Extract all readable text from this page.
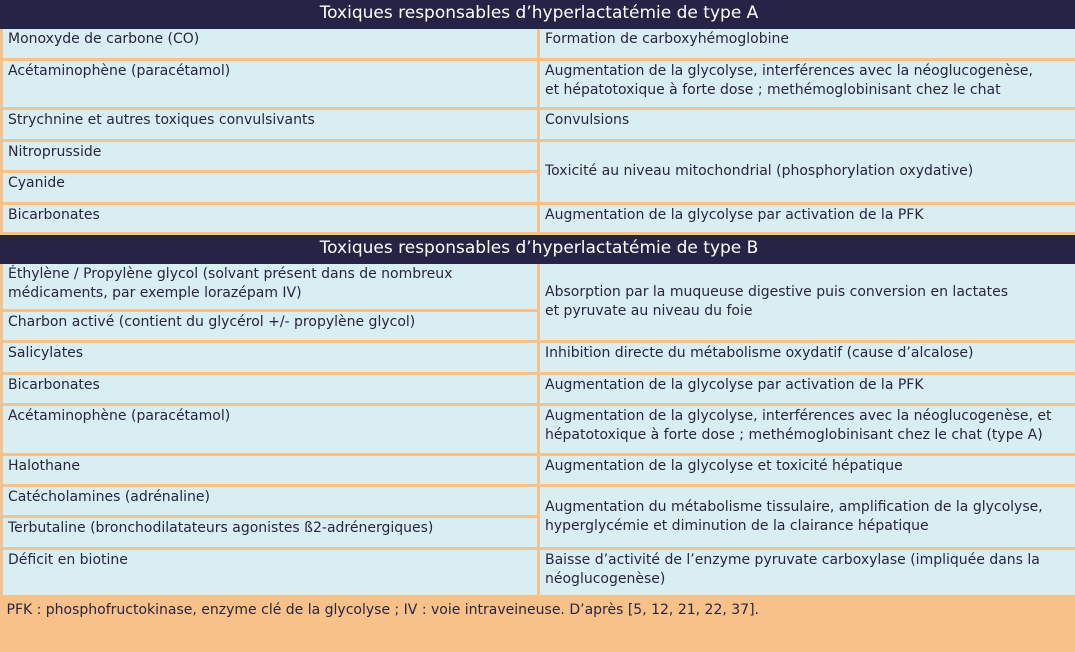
Toxiques responsables d’hyperlactatémie de type A	
Monoxyde de carbone (CO)	Formation de carboxyhémoglobine
Acétaminophène (paracétamol)	Augmentation de la glycolyse, interférences avec la néoglucogenèse,
et hépatotoxique à forte dose ; methémoglobinisant chez le chat
Strychnine et autres toxiques convulsivants	Convulsions
Nitroprusside	Toxicité au niveau mitochondrial (phosphorylation oxydative)
Cyanide	
Bicarbonates	Augmentation de la glycolyse par activation de la PFK
Toxiques responsables d’hyperlactatémie de type B	
Éthylène / Propylène glycol (solvant présent dans de nombreux médicaments, par exemple lorazépam IV)	Absorption par la muqueuse digestive puis conversion en lactates
et pyruvate au niveau du foie
Charbon activé (contient du glycérol +/- propylène glycol)	
Salicylates	Inhibition directe du métabolisme oxydatif (cause d’alcalose)
Bicarbonates	Augmentation de la glycolyse par activation de la PFK
Acétaminophène (paracétamol)	Augmentation de la glycolyse, interférences avec la néoglucogenèse, et hépatotoxique à forte dose ; methémoglobinisant chez le chat (type A)
Halothane	Augmentation de la glycolyse et toxicité hépatique
Catécholamines (adrénaline)	Augmentation du métabolisme tissulaire, amplification de la glycolyse,
hyperglycémie et diminution de la clairance hépatique
Terbutaline (bronchodilatateurs agonistes ß2-adrénergiques)	
Déficit en biotine	Baisse d’activité de l’enzyme pyruvate carboxylase (impliquée dans la néoglucogenèse)
PFK : phosphofructokinase, enzyme clé de la glycolyse ; IV : voie intraveineuse. D’après [5, 12, 21, 22, 37].	
